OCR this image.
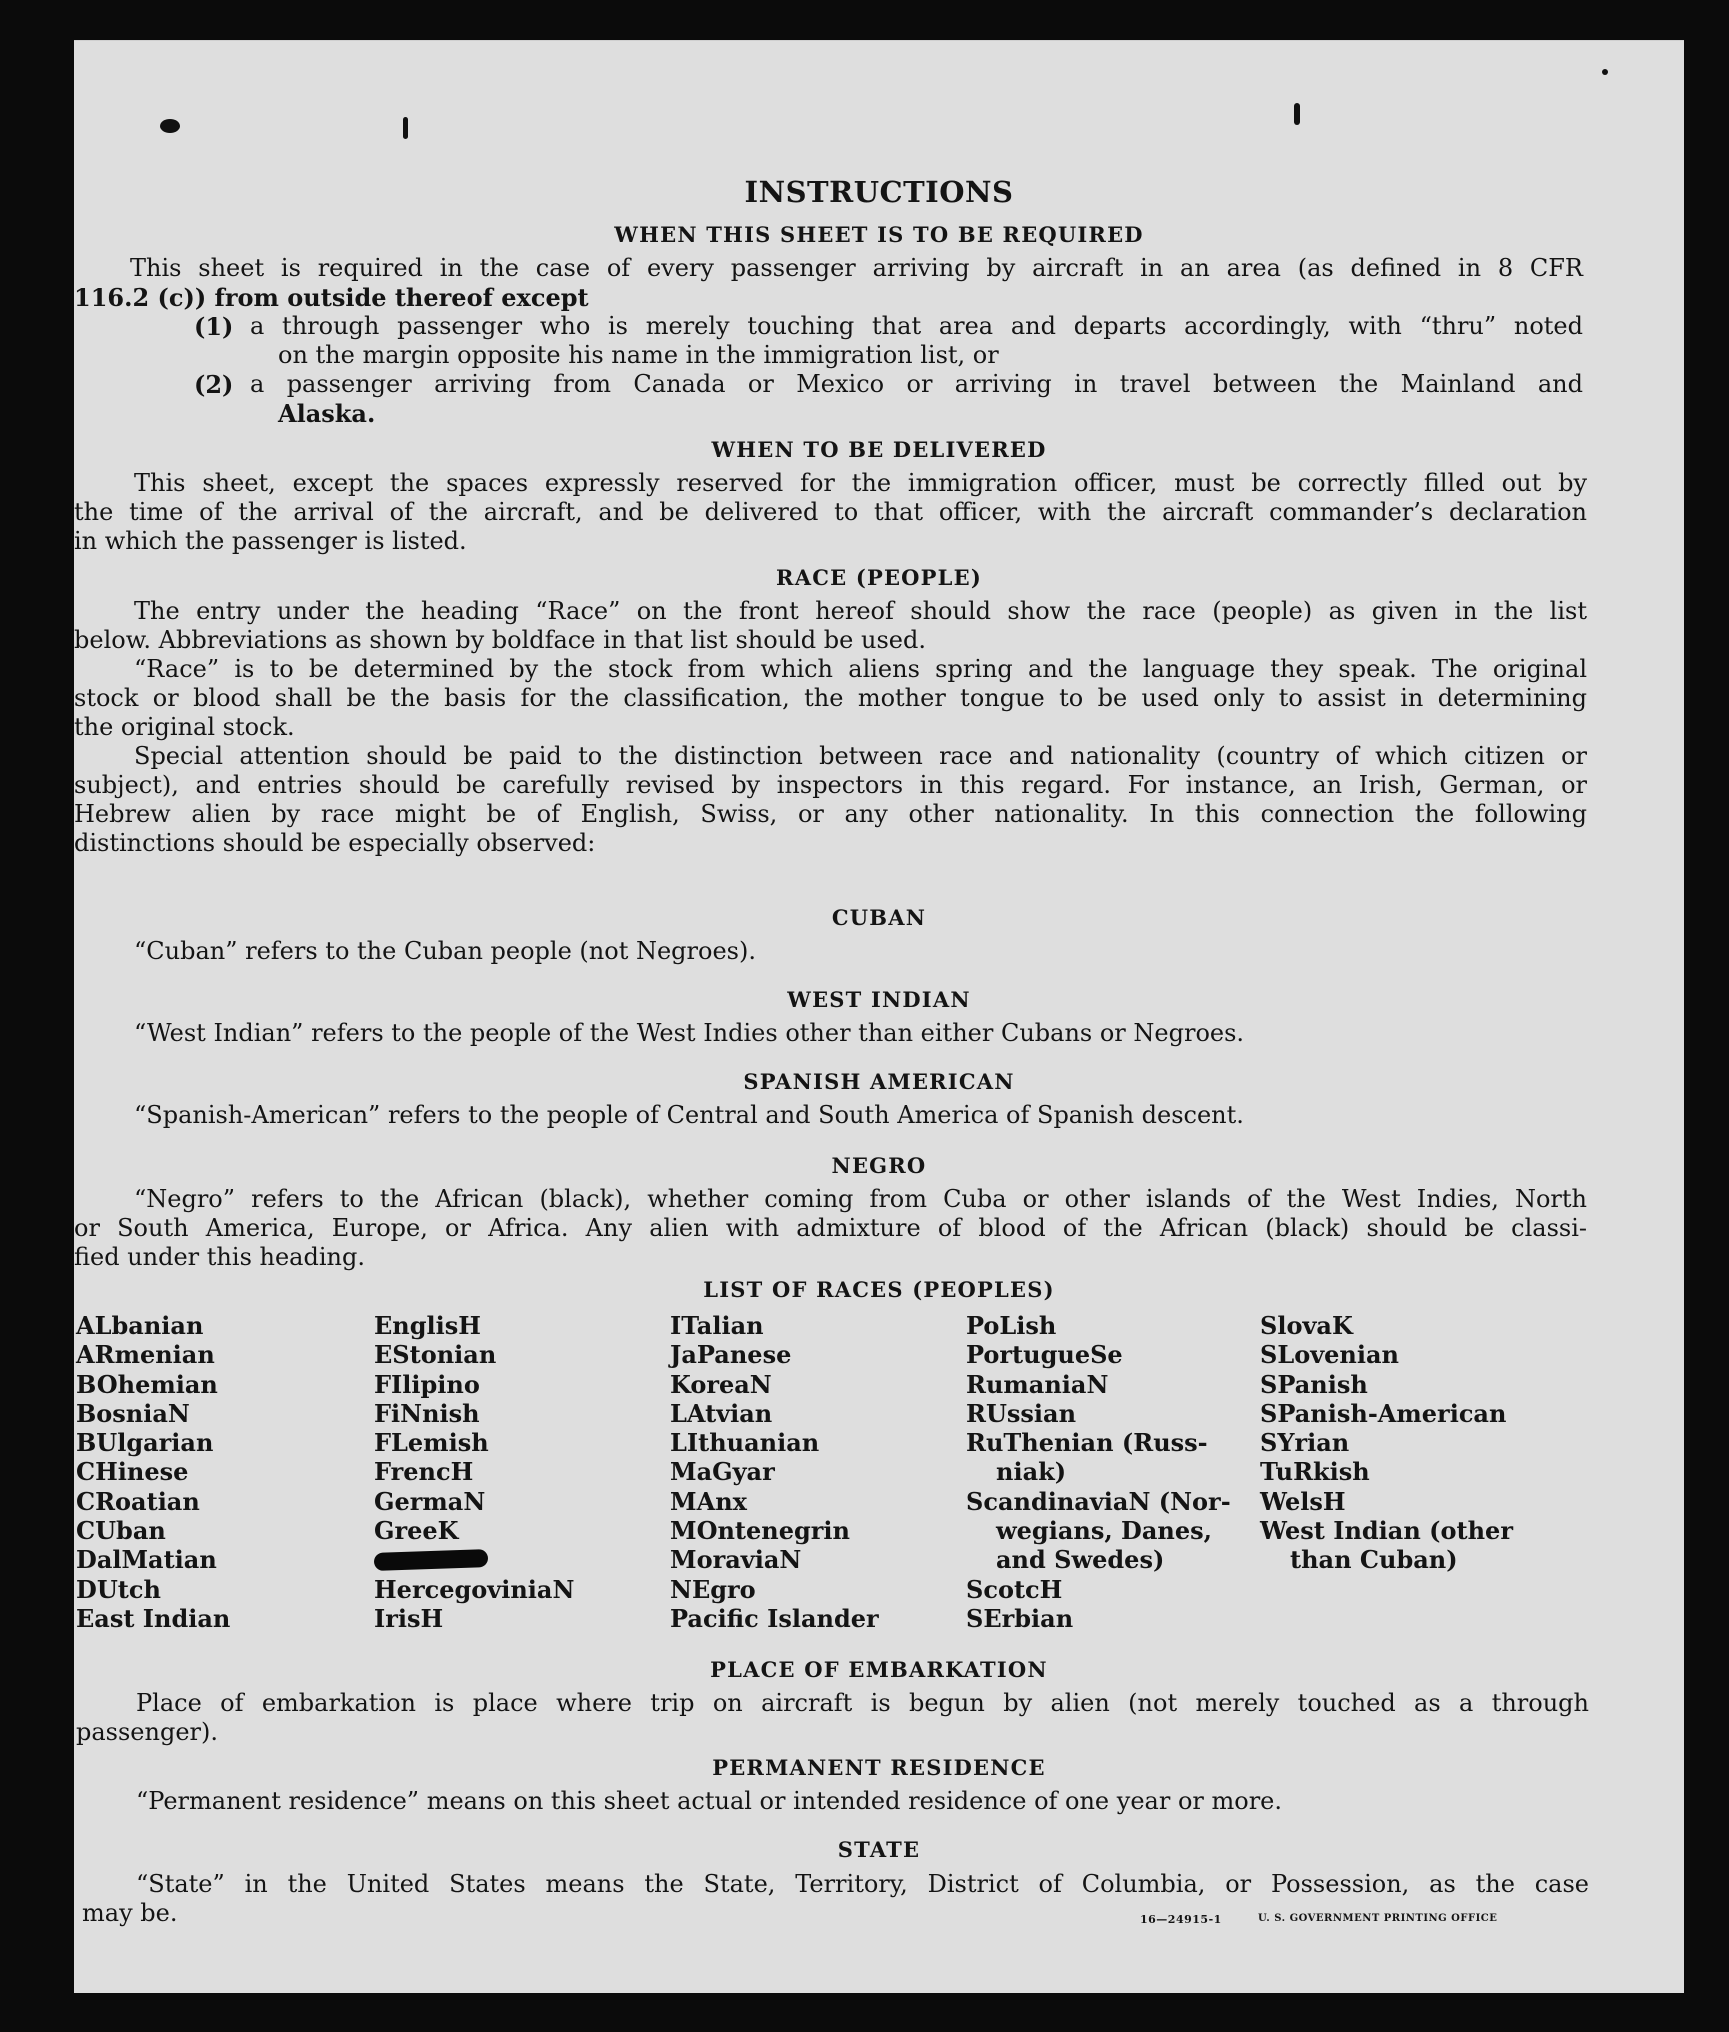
INSTRUCTIONS
WHEN THIS SHEET IS TO BE REQUIRED
This sheet is required in the case of every passenger arriving by aircraft in an area (as defined in 8 CFR
116.2 (c)) from outside thereof except
(1) a through passenger who is merely touching that area and departs accordingly, with “thru” noted
on the margin opposite his name in the immigration list, or
(2) a passenger arriving from Canada or Mexico or arriving in travel between the Mainland and
Alaska.
WHEN TO BE DELIVERED
This sheet, except the spaces expressly reserved for the immigration officer, must be correctly filled out by
the time of the arrival of the aircraft, and be delivered to that officer, with the aircraft commander’s declaration
in which the passenger is listed.
RACE (PEOPLE)
The entry under the heading “Race” on the front hereof should show the race (people) as given in the list
below. Abbreviations as shown by boldface in that list should be used.
“Race” is to be determined by the stock from which aliens spring and the language they speak. The original
stock or blood shall be the basis for the classification, the mother tongue to be used only to assist in determining
the original stock.
Special attention should be paid to the distinction between race and nationality (country of which citizen or
subject), and entries should be carefully revised by inspectors in this regard. For instance, an Irish, German, or
Hebrew alien by race might be of English, Swiss, or any other nationality. In this connection the following
distinctions should be especially observed:
CUBAN
“Cuban” refers to the Cuban people (not Negroes).
WEST INDIAN
“West Indian” refers to the people of the West Indies other than either Cubans or Negroes.
SPANISH AMERICAN
“Spanish-American” refers to the people of Central and South America of Spanish descent.
NEGRO
“Negro” refers to the African (black), whether coming from Cuba or other islands of the West Indies, North
or South America, Europe, or Africa. Any alien with admixture of blood of the African (black) should be classi-
fied under this heading.
LIST OF RACES (PEOPLES)
ALbanian
ARmenian
BOhemian
BosniaN
BUlgarian
CHinese
CRoatian
CUban
DalMatian
DUtch
East Indian
EnglisH
EStonian
FIlipino
FiNnish
FLemish
FrencH
GermaN
GreeK
HercegoviniaN
IrisH
ITalian
JaPanese
KoreaN
LAtvian
LIthuanian
MaGyar
MAnx
MOntenegrin
MoraviaN
NEgro
Pacific Islander
PoLish
PortugueSe
RumaniaN
RUssian
RuThenian (Russ-
niak)
ScandinaviaN (Nor-
wegians, Danes,
and Swedes)
ScotcH
SErbian
SlovaK
SLovenian
SPanish
SPanish-American
SYrian
TuRkish
WelsH
West Indian (other
than Cuban)
PLACE OF EMBARKATION
Place of embarkation is place where trip on aircraft is begun by alien (not merely touched as a through
passenger).
PERMANENT RESIDENCE
“Permanent residence” means on this sheet actual or intended residence of one year or more.
STATE
“State” in the United States means the State, Territory, District of Columbia, or Possession, as the case
may be.	16—24915-1	U. S. GOVERNMENT PRINTING OFFICE
